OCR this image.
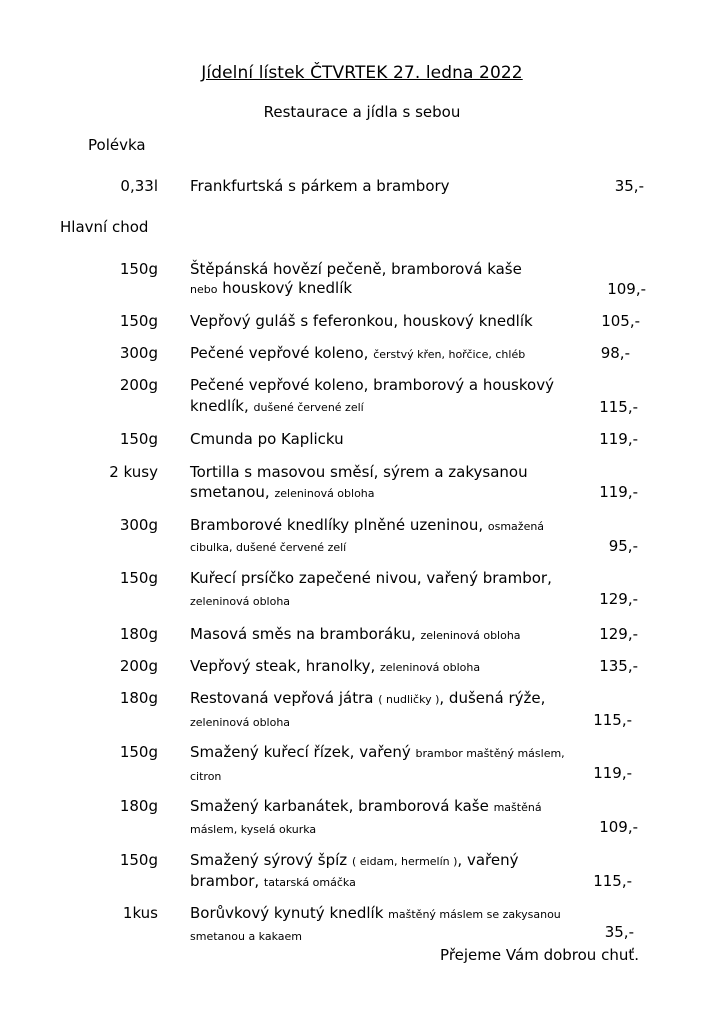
Jídelní lístek ČTVRTEK 27. ledna 2022
Restaurace a jídla s sebou
Polévka
Hlavní chod
0,33l Frankfurtská s párkem a brambory	35,-
150g Štěpánská hovězí pečeně, bramborová kaše
nebo houskový knedlík	109,-
150g Vepřový guláš s feferonkou, houskový knedlík	105,-
300g Pečené vepřové koleno, čerstvý křen, hořčice, chléb	98,-
200g Pečené vepřové koleno, bramborový a houskový
knedlík, dušené červené zelí	115,-
150g Cmunda po Kaplicku	119,-
2 kusy Tortilla s masovou směsí, sýrem a zakysanou
smetanou, zeleninová obloha	119,-
300g Bramborové knedlíky plněné uzeninou, osmažená
cibulka, dušené červené zelí	95,-
150g Kuřecí prsíčko zapečené nivou, vařený brambor,
zeleninová obloha	129,-
180g Masová směs na bramboráku, zeleninová obloha	129,-
200g Vepřový steak, hranolky, zeleninová obloha	135,-
180g Restovaná vepřová játra ( nudličky ), dušená rýže,
zeleninová obloha	115,-
150g Smažený kuřecí řízek, vařený brambor maštěný máslem,
citron	119,-
180g Smažený karbanátek, bramborová kaše maštěná
máslem, kyselá okurka	109,-
150g Smažený sýrový špíz ( eidam, hermelín ), vařený
brambor, tatarská omáčka	115,-
1kus Borůvkový kynutý knedlík maštěný máslem se zakysanou
smetanou a kakaem	35,-
Přejeme Vám dobrou chuť.
